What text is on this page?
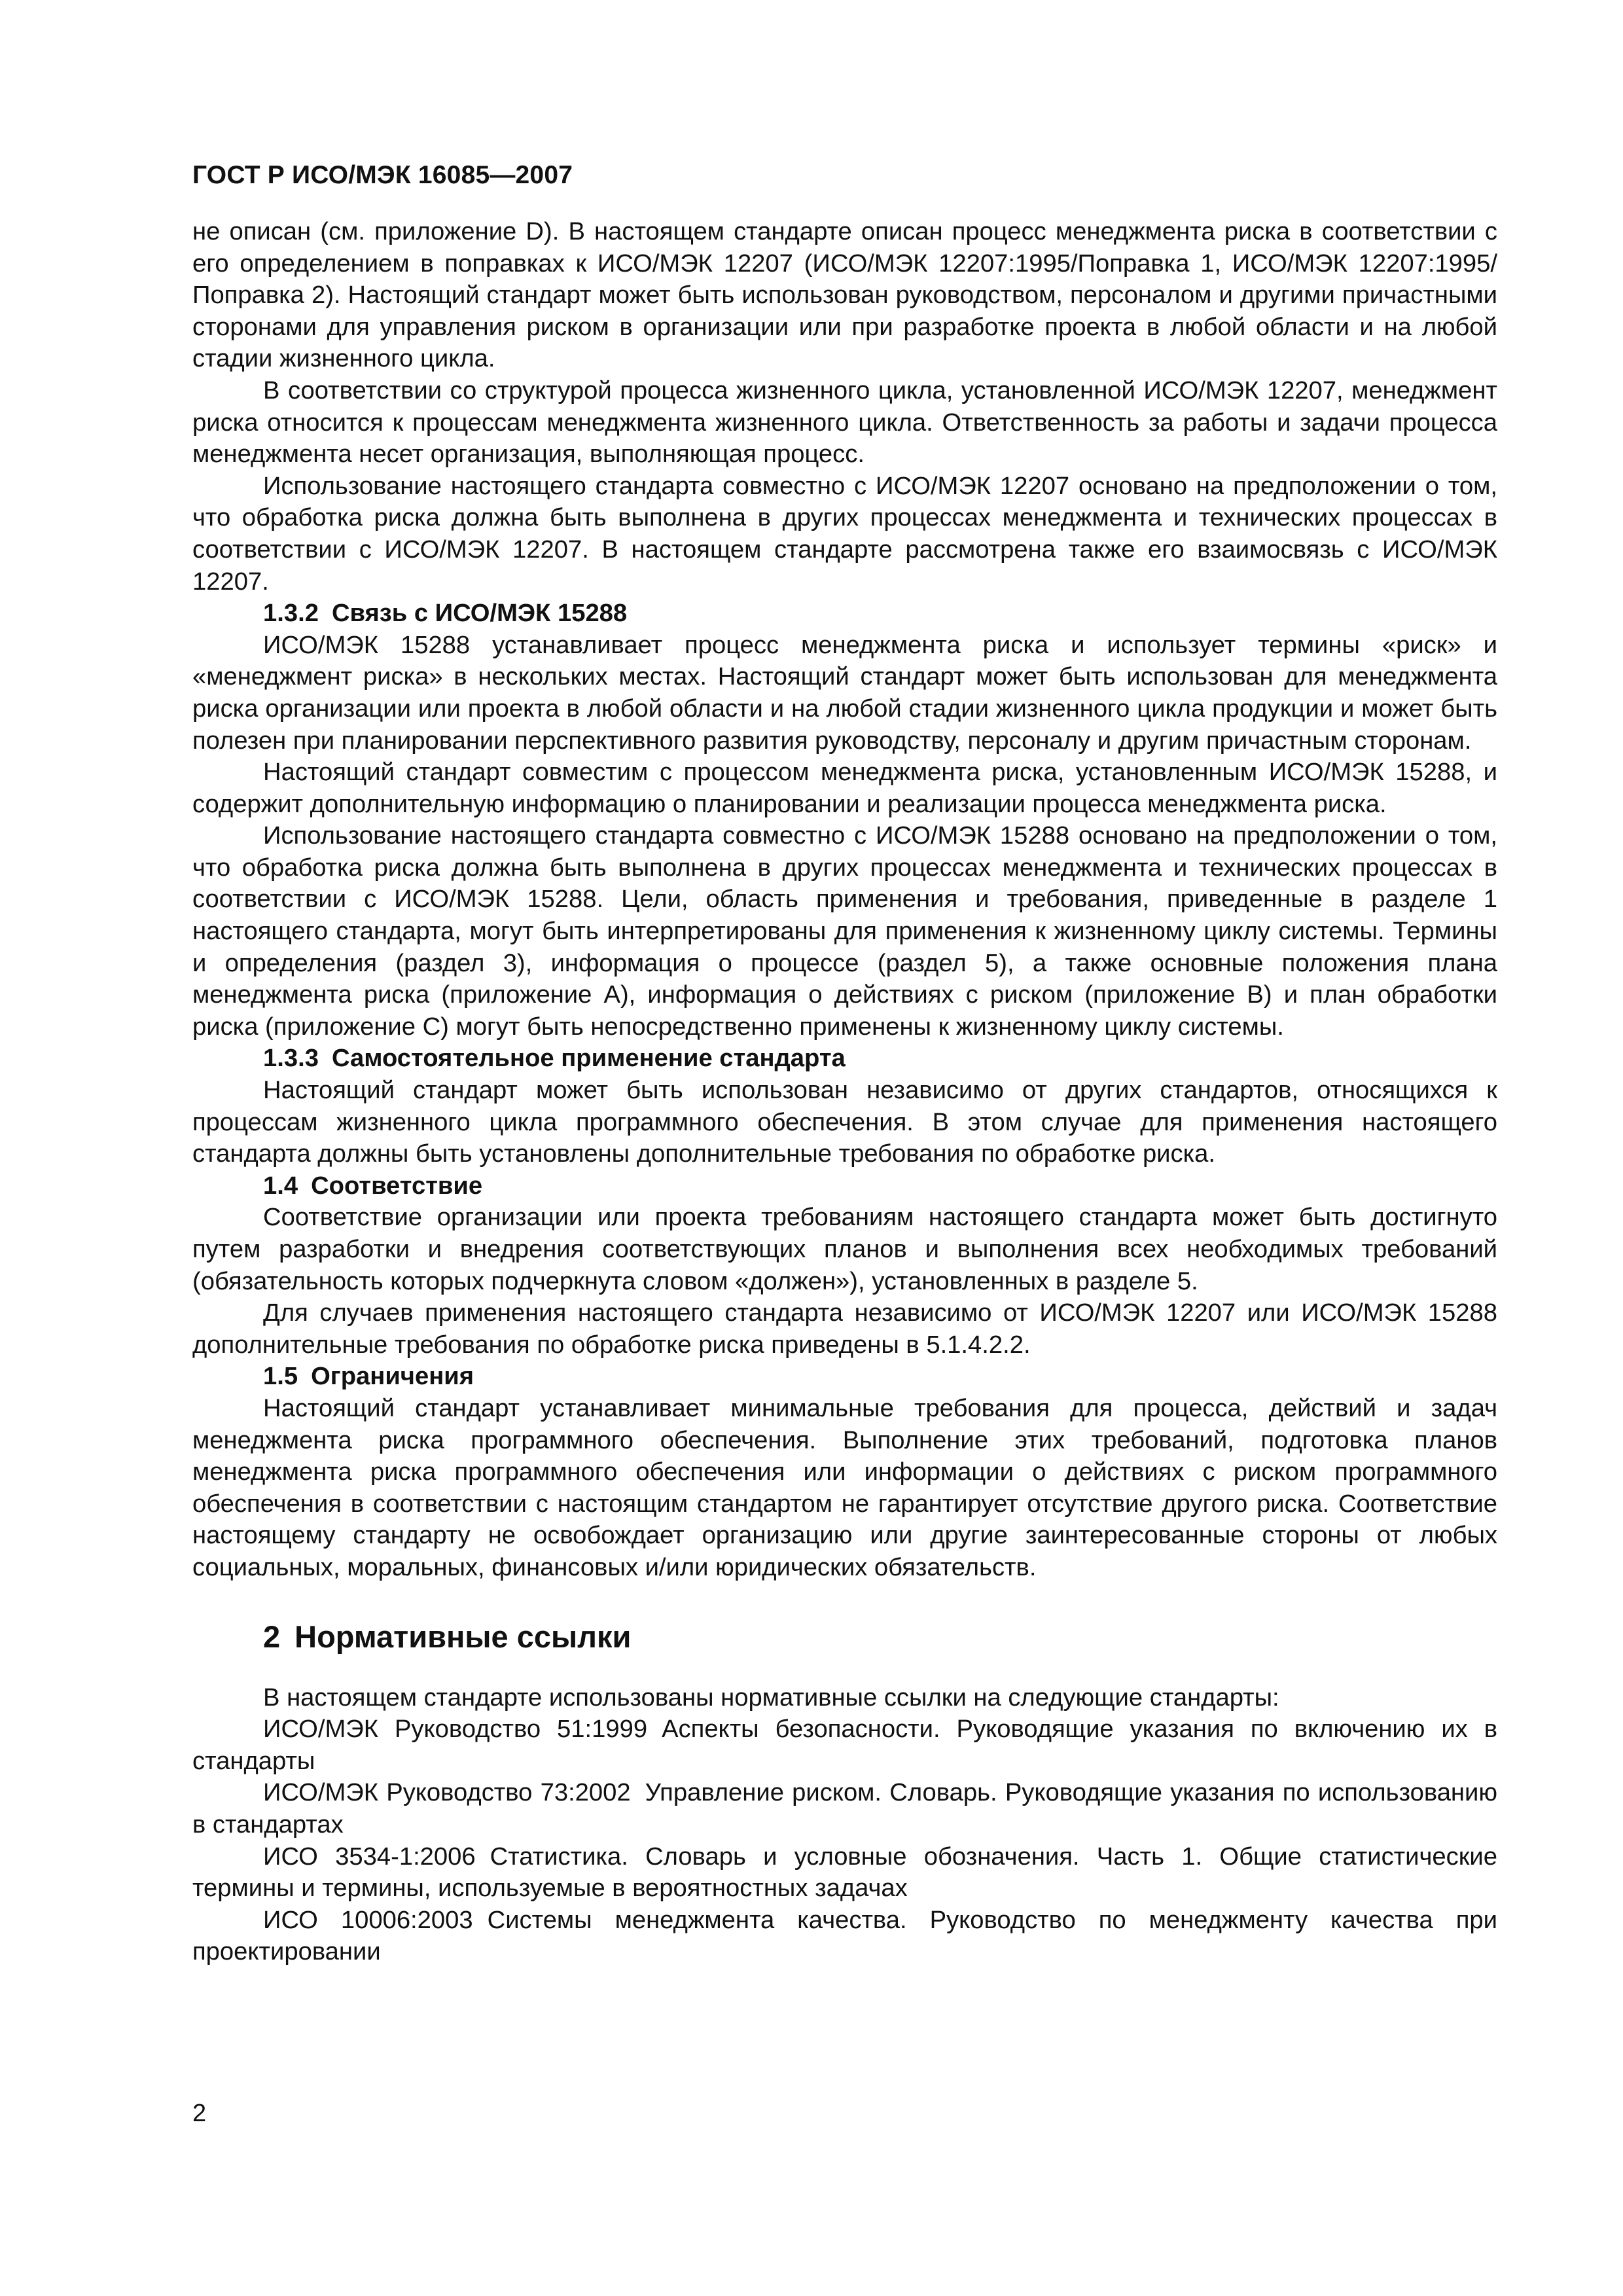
ГОСТ Р ИСО/МЭК 16085—2007

не описан (см. приложение D). В настоящем стандарте описан процесс менеджмента риска в соответствии с его определением в поправках к ИСО/МЭК 12207 (ИСО/МЭК 12207:1995/Поправка 1, ИСО/МЭК 12207:1995/Поправка 2). Настоящий стандарт может быть использован руководством, персоналом и другими причастными сторонами для управления риском в организации или при разработке проекта в любой области и на любой стадии жизненного цикла.

В соответствии со структурой процесса жизненного цикла, установленной ИСО/МЭК 12207, менеджмент риска относится к процессам менеджмента жизненного цикла. Ответственность за работы и задачи процесса менеджмента несет организация, выполняющая процесс.

Использование настоящего стандарта совместно с ИСО/МЭК 12207 основано на предположении о том, что обработка риска должна быть выполнена в других процессах менеджмента и технических процессах в соответствии с ИСО/МЭК 12207. В настоящем стандарте рассмотрена также его взаимосвязь с ИСО/МЭК 12207.

1.3.2 Связь с ИСО/МЭК 15288

ИСО/МЭК 15288 устанавливает процесс менеджмента риска и использует термины «риск» и «менеджмент риска» в нескольких местах. Настоящий стандарт может быть использован для менеджмента риска организации или проекта в любой области и на любой стадии жизненного цикла продукции и может быть полезен при планировании перспективного развития руководству, персоналу и другим причастным сторонам.

Настоящий стандарт совместим с процессом менеджмента риска, установленным ИСО/МЭК 15288, и содержит дополнительную информацию о планировании и реализации процесса менеджмента риска.

Использование настоящего стандарта совместно с ИСО/МЭК 15288 основано на предположении о том, что обработка риска должна быть выполнена в других процессах менеджмента и технических процессах в соответствии с ИСО/МЭК 15288. Цели, область применения и требования, приведенные в разделе 1 настоящего стандарта, могут быть интерпретированы для применения к жизненному циклу системы. Термины и определения (раздел 3), информация о процессе (раздел 5), а также основные положения плана менеджмента риска (приложение А), информация о действиях с риском (приложение В) и план обработки риска (приложение С) могут быть непосредственно применены к жизненному циклу системы.

1.3.3 Самостоятельное применение стандарта

Настоящий стандарт может быть использован независимо от других стандартов, относящихся к процессам жизненного цикла программного обеспечения. В этом случае для применения настоящего стандарта должны быть установлены дополнительные требования по обработке риска.

1.4 Соответствие

Соответствие организации или проекта требованиям настоящего стандарта может быть достигнуто путем разработки и внедрения соответствующих планов и выполнения всех необходимых требований (обязательность которых подчеркнута словом «должен»), установленных в разделе 5.

Для случаев применения настоящего стандарта независимо от ИСО/МЭК 12207 или ИСО/МЭК 15288 дополнительные требования по обработке риска приведены в 5.1.4.2.2.

1.5 Ограничения

Настоящий стандарт устанавливает минимальные требования для процесса, действий и задач менеджмента риска программного обеспечения. Выполнение этих требований, подготовка планов менеджмента риска программного обеспечения или информации о действиях с риском программного обеспечения в соответствии с настоящим стандартом не гарантирует отсутствие другого риска. Соответствие настоящему стандарту не освобождает организацию или другие заинтересованные стороны от любых социальных, моральных, финансовых и/или юридических обязательств.

2 Нормативные ссылки

В настоящем стандарте использованы нормативные ссылки на следующие стандарты:

ИСО/МЭК Руководство 51:1999 Аспекты безопасности. Руководящие указания по включению их в стандарты

ИСО/МЭК Руководство 73:2002 Управление риском. Словарь. Руководящие указания по использованию в стандартах

ИСО 3534-1:2006 Статистика. Словарь и условные обозначения. Часть 1. Общие статистические термины и термины, используемые в вероятностных задачах

ИСО 10006:2003 Системы менеджмента качества. Руководство по менеджменту качества при проектировании

2
